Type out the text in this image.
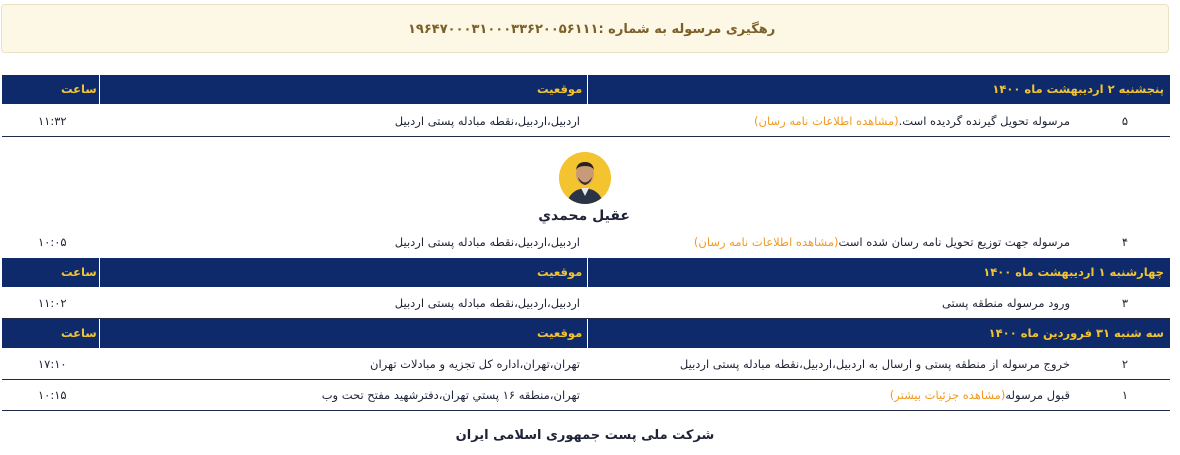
رهگیری مرسوله به شماره :۱۹۶۴۷۰۰۰۳۱۰۰۰۳۳۶۲۰۰۵۶۱۱۱
پنجشنبه ۲ اردیبهشت ماه ۱۴۰۰
موقعیت
ساعت
۵
مرسوله تحویل گیرنده گردیده است.(مشاهده اطلاعات نامه رسان)
اردبیل،اردبیل،نقطه مبادله پستی اردبیل
۱۱:۳۲
عقيل محمدي
۴
مرسوله جهت توزیع تحویل نامه رسان شده است(مشاهده اطلاعات نامه رسان)
اردبیل،اردبیل،نقطه مبادله پستی اردبیل
۱۰:۰۵
چهارشنبه ۱ اردیبهشت ماه ۱۴۰۰
موقعیت
ساعت
۳
ورود مرسوله منطقه پستی
اردبیل،اردبیل،نقطه مبادله پستی اردبیل
۱۱:۰۲
سه شنبه ۳۱ فروردین ماه ۱۴۰۰
موقعیت
ساعت
۲
خروج مرسوله از منطقه پستی و ارسال به اردبیل،اردبیل،نقطه مبادله پستی اردبیل
تهران،تهران،اداره کل تجزیه و مبادلات تهران
۱۷:۱۰
۱
قبول مرسوله(مشاهده جزئیات بیشتر)
تهران،منطقه ۱۶ پستي تهران،دفترشهید مفتح تحت وب
۱۰:۱۵
شرکت ملی پست جمهوری اسلامی ایران
